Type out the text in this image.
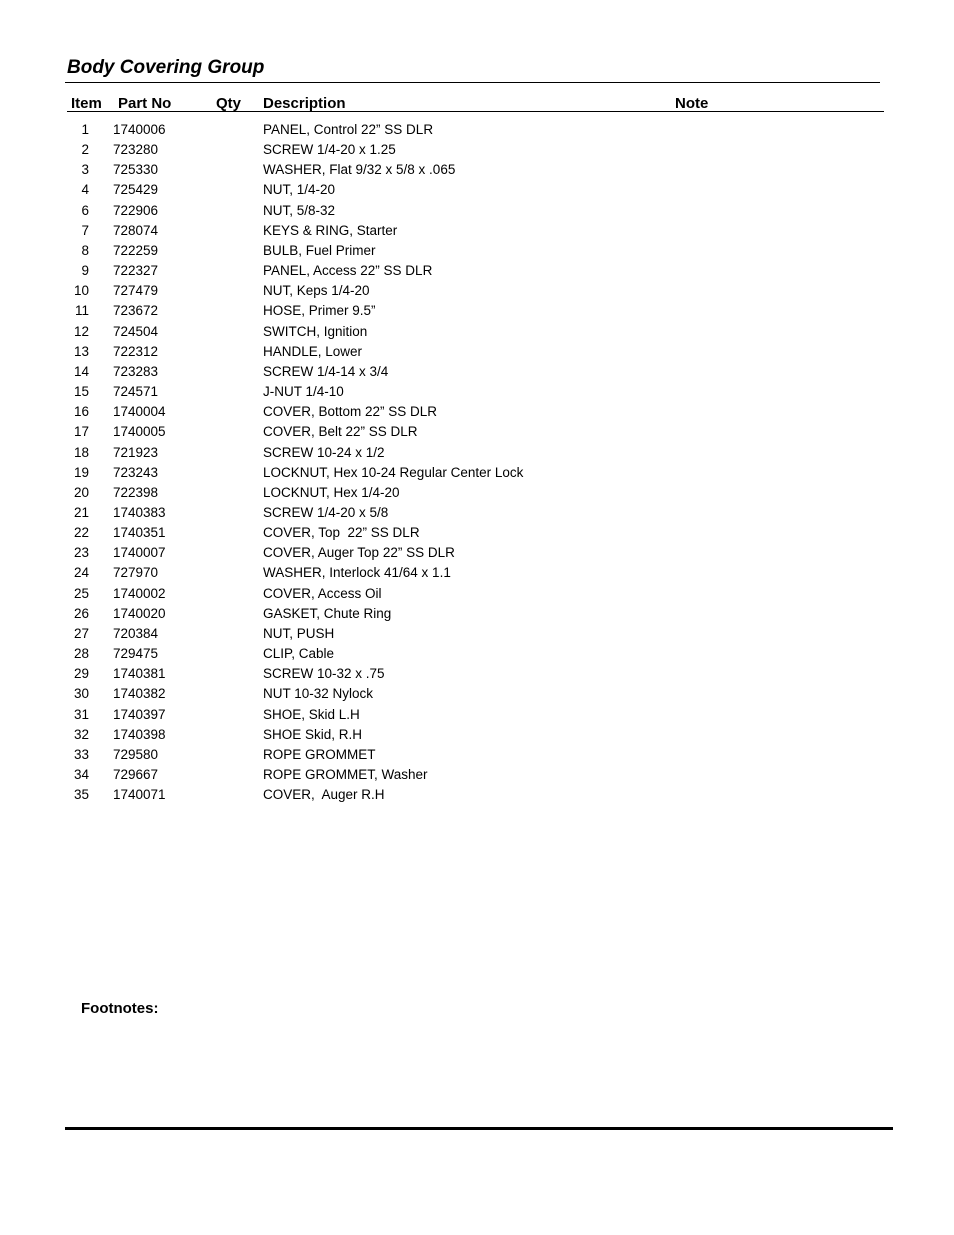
Body Covering Group
Item Part No	Qty Description	Note
1 1740006	PANEL, Control 22” SS DLR
2 723280	SCREW 1/4-20 x 1.25
3 725330	WASHER, Flat 9/32 x 5/8 x .065
4 725429	NUT, 1/4-20
6 722906	NUT, 5/8-32
7 728074	KEYS & RING, Starter
8 722259	BULB, Fuel Primer
9 722327	PANEL, Access 22” SS DLR
10 727479	NUT, Keps 1/4-20
11 723672	HOSE, Primer 9.5”
12 724504	SWITCH, Ignition
13 722312	HANDLE, Lower
14 723283	SCREW 1/4-14 x 3/4
15 724571	J-NUT 1/4-10
16 1740004	COVER, Bottom 22” SS DLR
17 1740005	COVER, Belt 22” SS DLR
18 721923	SCREW 10-24 x 1/2
19 723243	LOCKNUT, Hex 10-24 Regular Center Lock
20 722398	LOCKNUT, Hex 1/4-20
21 1740383	SCREW 1/4-20 x 5/8
22 1740351	COVER, Top  22” SS DLR
23 1740007	COVER, Auger Top 22” SS DLR
24 727970	WASHER, Interlock 41/64 x 1.1
25 1740002	COVER, Access Oil
26 1740020	GASKET, Chute Ring
27 720384	NUT, PUSH
28 729475	CLIP, Cable
29 1740381	SCREW 10-32 x .75
30 1740382	NUT 10-32 Nylock
31 1740397	SHOE, Skid L.H
32 1740398	SHOE Skid, R.H
33 729580	ROPE GROMMET
34 729667	ROPE GROMMET, Washer
35 1740071	COVER,  Auger R.H
Footnotes:
